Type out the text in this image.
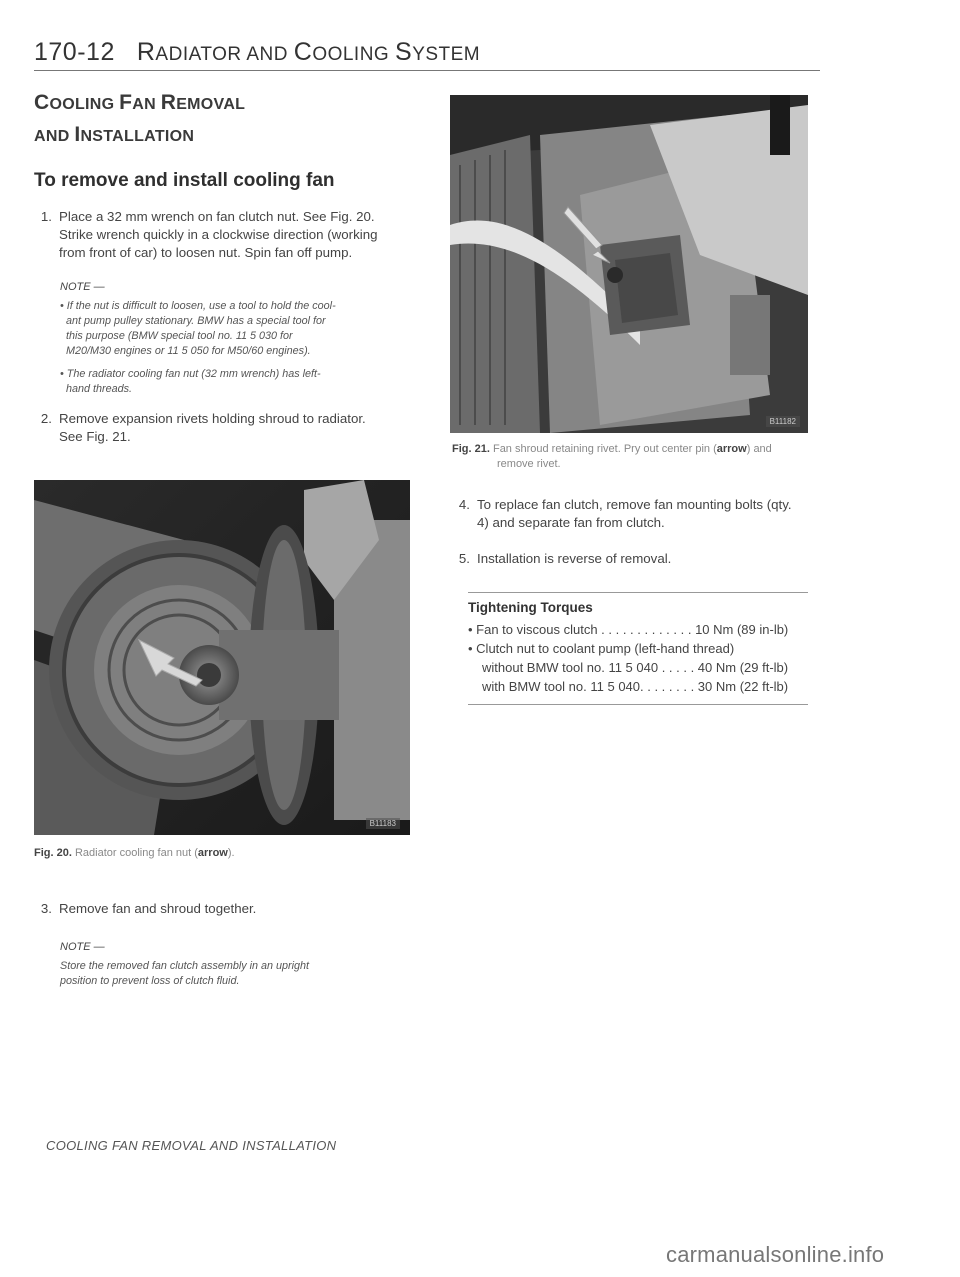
170-12 RADIATOR AND COOLING SYSTEM
COOLING FAN REMOVAL
AND INSTALLATION
To remove and install cooling fan
1. Place a 32 mm wrench on fan clutch nut. See Fig. 20.
Strike wrench quickly in a clockwise direction (working
from front of car) to loosen nut. Spin fan off pump.
NOTE —
• If the nut is difficult to loosen, use a tool to hold the cool-
ant pump pulley stationary. BMW has a special tool for
this purpose (BMW special tool no. 11 5 030 for
M20/M30 engines or 11 5 050 for M50/60 engines).
• The radiator cooling fan nut (32 mm wrench) has left-
hand threads.
2. Remove expansion rivets holding shroud to radiator.
See Fig. 21.
B11183
Fig. 20. Radiator cooling fan nut (arrow).
3. Remove fan and shroud together.
NOTE —
Store the removed fan clutch assembly in an upright
position to prevent loss of clutch fluid.
B11182
Fig. 21. Fan shroud retaining rivet. Pry out center pin (arrow) and
remove rivet.
4. To replace fan clutch, remove fan mounting bolts (qty.
4) and separate fan from clutch.
5. Installation is reverse of removal.
Tightening Torques
• Fan to viscous clutch . . . . . . . . . . . . . 10 Nm (89 in-lb)
• Clutch nut to coolant pump (left-hand thread)
without BMW tool no. 11 5 040 . . . . . 40 Nm (29 ft-lb)
with BMW tool no. 11 5 040. . . . . . . . 30 Nm (22 ft-lb)
COOLING FAN REMOVAL AND INSTALLATION
carmanualsonline.info
